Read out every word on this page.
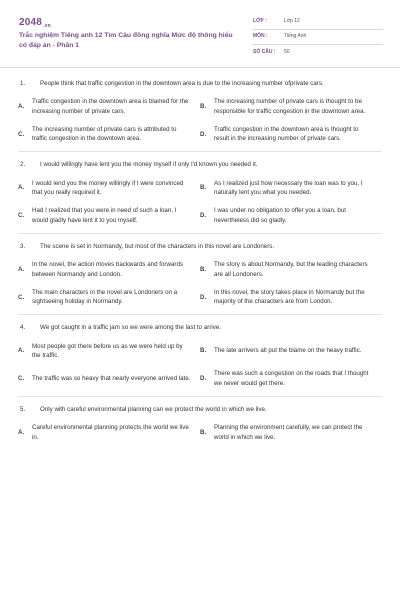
2048.vn
Trắc nghiệm Tiếng anh 12 Tìm Câu đồng nghĩa Mức độ thông hiểu có đáp án - Phần 1
LỚP :	Lớp 12
MÔN :	Tiếng Anh
SỐ CÂU :	50
1. People think that traffic congestion in the downtown area is due to the increasing number ofprivate cars.
A.
Traffic congestion in the downtown area is blamed for the increasing number of private cars.
B.
The increasing number of private cars is thought to be responsible for traffic congestion in the downtown area.
C.
The increasing number of private cars is attributed to traffic congestion in the downtown area.
D.
Traffic congestion in the downtown area is thought to result in the increasing number of private cars.
2. I would willingly have lent you the money myself if only I'd known you needed it.
A.
I would lend you the money willingly if I were convinced that you really required it.
B.
As I realized just how necessary the loan was to you, I naturally lent you what you needed.
C.
Had I realized that you were in need of such a loan, I would gladly have lent it to you myself.
D.
I was under no obligation to offer you a loan, but nevertheless did so gladly.
3. The scene is set in Normandy, but most of the characters in this novel are Londoners.
A.
In the novel, the action moves backwards and forwards between Normandy and London.
B.
The story is about Normandy, but the leading characters are all Londoners.
C.
The main characters in the novel are Londoners on a sightseeing holiday in Normandy.
D.
In this novel, the story takes place in Normandy but the majority of the characters are from London.
4. We got caught in a traffic jam so we were among the last to arrive.
A.
Most people got there before us as we were held up by the traffic.
B.	The late arrivers all put the blame on the heavy traffic.
C.	The traffic was so heavy that nearly everyone arrived late. D.
There was such a congestion on the roads that I thought we never would get there.
5. Only with careful environmental planning can we protect the world in which we live.
A.
Careful environmental planning protects the world we live in.
B.
Planning the environment carefully, we can protect the world in which we live.
